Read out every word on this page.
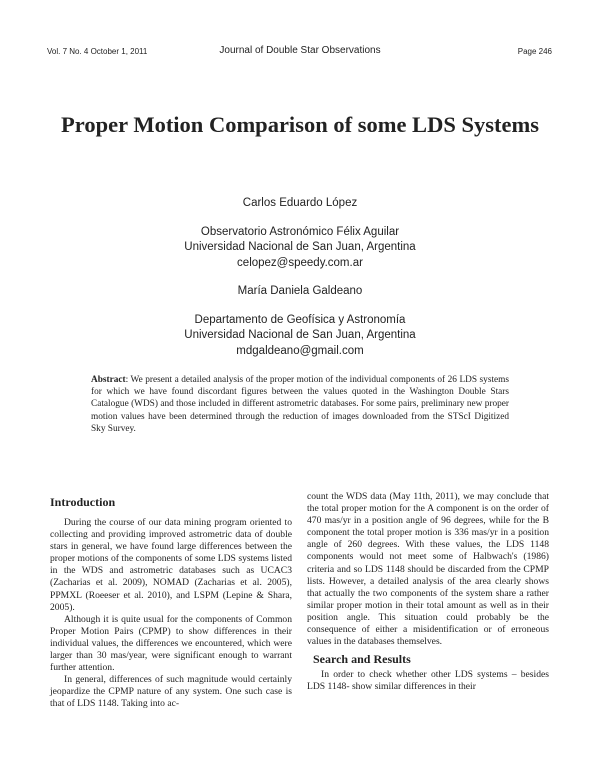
Vol. 7 No. 4 October 1, 2011	Journal of Double Star Observations	Page 246
Proper Motion Comparison of some LDS Systems

Carlos Eduardo López

Observatorio Astronómico Félix Aguilar

Universidad Nacional de San Juan, Argentina

celopez@speedy.com.ar

María Daniela Galdeano

Departamento de Geofísica y Astronomía

Universidad Nacional de San Juan, Argentina

mdgaldeano@gmail.com

Abstract: We present a detailed analysis of the proper motion of the individual components of 26 LDS systems for which we have found discordant figures between the values quoted in the Washington Double Stars Catalogue (WDS) and those included in different astrometric databases. For some pairs, preliminary new proper motion values have been determined through the reduction of images downloaded from the STScI Digitized Sky Survey.
Introduction

During the course of our data mining program oriented to collecting and providing improved astrometric data of double stars in general, we have found large differences between the proper motions of the components of some LDS systems listed in the WDS and astrometric databases such as UCAC3 (Zacharias et al. 2009), NOMAD (Zacharias et al. 2005), PPMXL (Roeeser et al. 2010), and LSPM (Lepine & Shara, 2005).

Although it is quite usual for the components of Common Proper Motion Pairs (CPMP) to show differences in their individual values, the differences we encountered, which were larger than 30 mas/year, were significant enough to warrant further attention.

In general, differences of such magnitude would certainly jeopardize the CPMP nature of any system. One such case is that of LDS 1148. Taking into ac-

count the WDS data (May 11th, 2011), we may conclude that the total proper motion for the A component is on the order of 470 mas/yr in a position angle of 96 degrees, while for the B component the total proper motion is 336 mas/yr in a position angle of 260 degrees. With these values, the LDS 1148 components would not meet some of Halbwach's (1986) criteria and so LDS 1148 should be discarded from the CPMP lists. However, a detailed analysis of the area clearly shows that actually the two components of the system share a rather similar proper motion in their total amount as well as in their position angle. This situation could probably be the consequence of either a misidentification or of erroneous values in the databases themselves.

Search and Results

In order to check whether other LDS systems – besides LDS 1148- show similar differences in their
